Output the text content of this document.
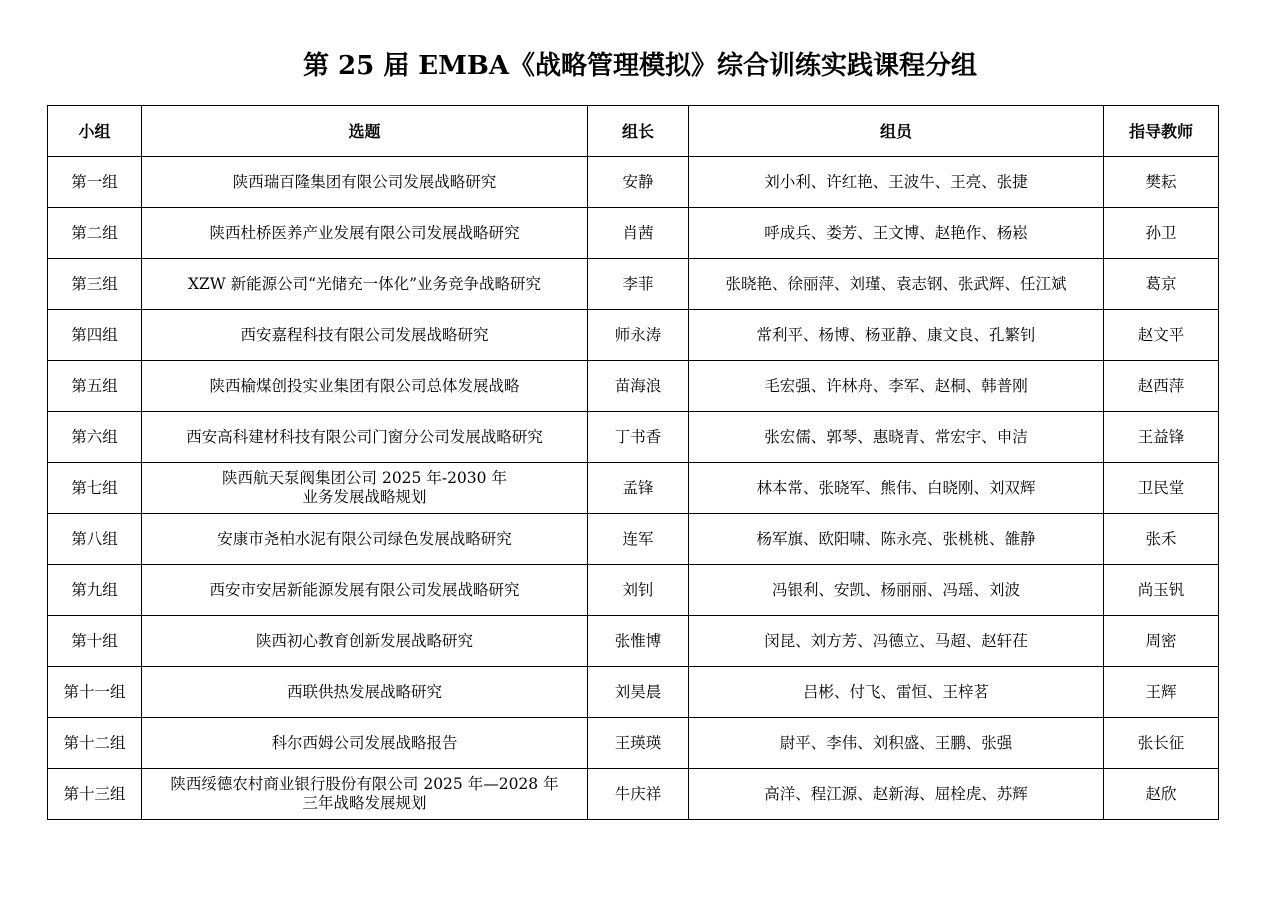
第 25 届 EMBA《战略管理模拟》综合训练实践课程分组
小组	选题	组长	组员	指导教师
第一组	陕西瑞百隆集团有限公司发展战略研究	安静	刘小利、许红艳、王波牛、王亮、张捷	樊耘
第二组	陕西杜桥医养产业发展有限公司发展战略研究	肖茜	呼成兵、娄芳、王文博、赵艳作、杨崧	孙卫
第三组	XZW 新能源公司“光储充一体化”业务竞争战略研究	李菲	张晓艳、徐丽萍、刘瑾、袁志钢、张武辉、任江斌	葛京
第四组	西安嘉程科技有限公司发展战略研究	师永涛	常利平、杨博、杨亚静、康文良、孔繁钊	赵文平
第五组	陕西榆煤创投实业集团有限公司总体发展战略	苗海浪	毛宏强、许林舟、李军、赵桐、韩普刚	赵西萍
第六组	西安高科建材科技有限公司门窗分公司发展战略研究	丁书香	张宏儒、郭琴、惠晓青、常宏宇、申洁	王益锋
第七组	陕西航天泵阀集团公司 2025 年-2030 年
业务发展战略规划	孟锋	林本常、张晓军、熊伟、白晓刚、刘双辉	卫民堂
第八组	安康市尧柏水泥有限公司绿色发展战略研究	连军	杨军旗、欧阳啸、陈永亮、张桃桃、雒静	张禾
第九组	西安市安居新能源发展有限公司发展战略研究	刘钊	冯银利、安凯、杨丽丽、冯瑶、刘波	尚玉钒
第十组	陕西初心教育创新发展战略研究	张惟博	闵昆、刘方芳、冯德立、马超、赵轩茌	周密
第十一组	西联供热发展战略研究	刘昊晨	吕彬、付飞、雷恒、王梓茗	王辉
第十二组	科尔西姆公司发展战略报告	王瑛瑛	尉平、李伟、刘积盛、王鹏、张强	张长征
第十三组	陕西绥德农村商业银行股份有限公司 2025 年—2028 年
三年战略发展规划	牛庆祥	高洋、程江源、赵新海、屈栓虎、苏辉	赵欣
